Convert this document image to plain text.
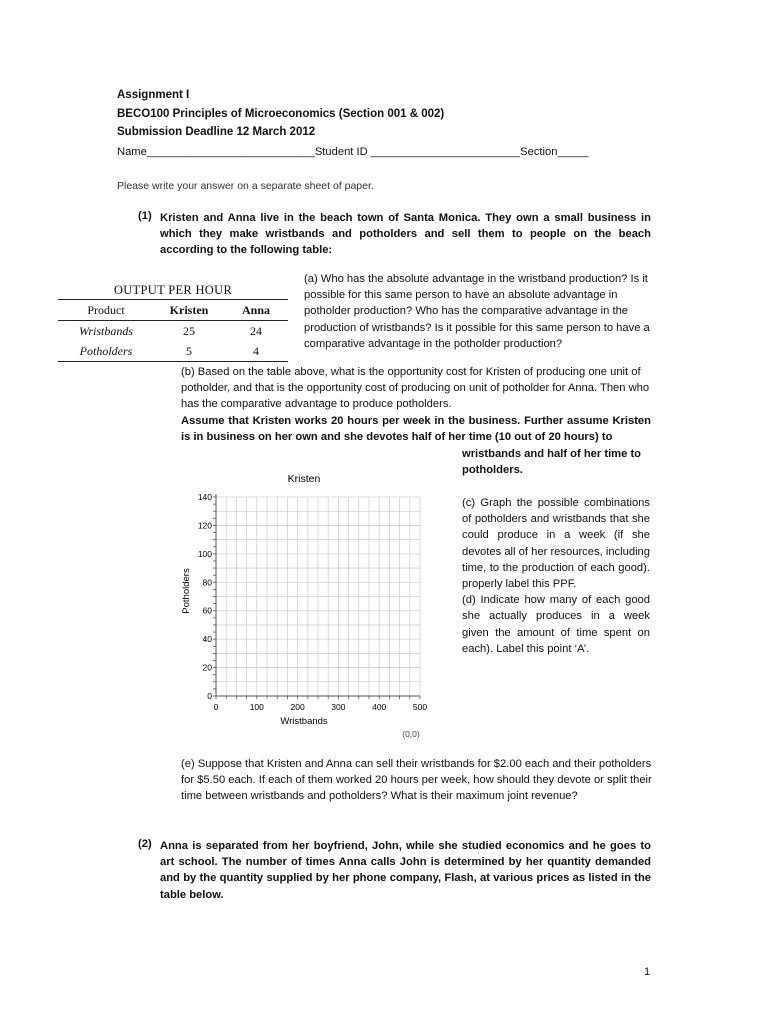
Assignment I
BECO100 Principles of Microeconomics (Section 001 & 002)
Submission Deadline 12 March 2012
Name___________________________Student ID ________________________Section_____
Please write your answer on a separate sheet of paper.
(1) Kristen and Anna live in the beach town of Santa Monica. They own a small business in which they make wristbands and potholders and sell them to people on the beach according to the following table:
OUTPUT PER HOUR
Product	Kristen	Anna
Wristbands	25	24
Potholders	5	4
(a) Who has the absolute advantage in the wristband production? Is it possible for this same person to have an absolute advantage in potholder production? Who has the comparative advantage in the production of wristbands? Is it possible for this same person to have a comparative advantage in the potholder production?
(b) Based on the table above, what is the opportunity cost for Kristen of producing one unit of potholder, and that is the opportunity cost of producing on unit of potholder for Anna. Then who has the comparative advantage to produce potholders.
Assume that Kristen works 20 hours per week in the business. Further assume Kristen is in business on her own and she devotes half of her time (10 out of 20 hours) to
wristbands and half of her time to potholders.
Kristen
Wristbands
Potholders
(0,0)
0	100	200	300	400	500
0
20
40
60
80
100
120
140	(c) Graph the possible combinations of potholders and wristbands that she could produce in a week (if she devotes all of her resources, including time, to the production of each good). properly label this PPF.
(d) Indicate how many of each good she actually produces in a week given the amount of time spent on each). Label this point ‘A’.
(e) Suppose that Kristen and Anna can sell their wristbands for $2.00 each and their potholders for $5.50 each. If each of them worked 20 hours per week, how should they devote or split their time between wristbands and potholders? What is their maximum joint revenue?
(2) Anna is separated from her boyfriend, John, while she studied economics and he goes to art school. The number of times Anna calls John is determined by her quantity demanded and by the quantity supplied by her phone company, Flash, at various prices as listed in the table below.
1
